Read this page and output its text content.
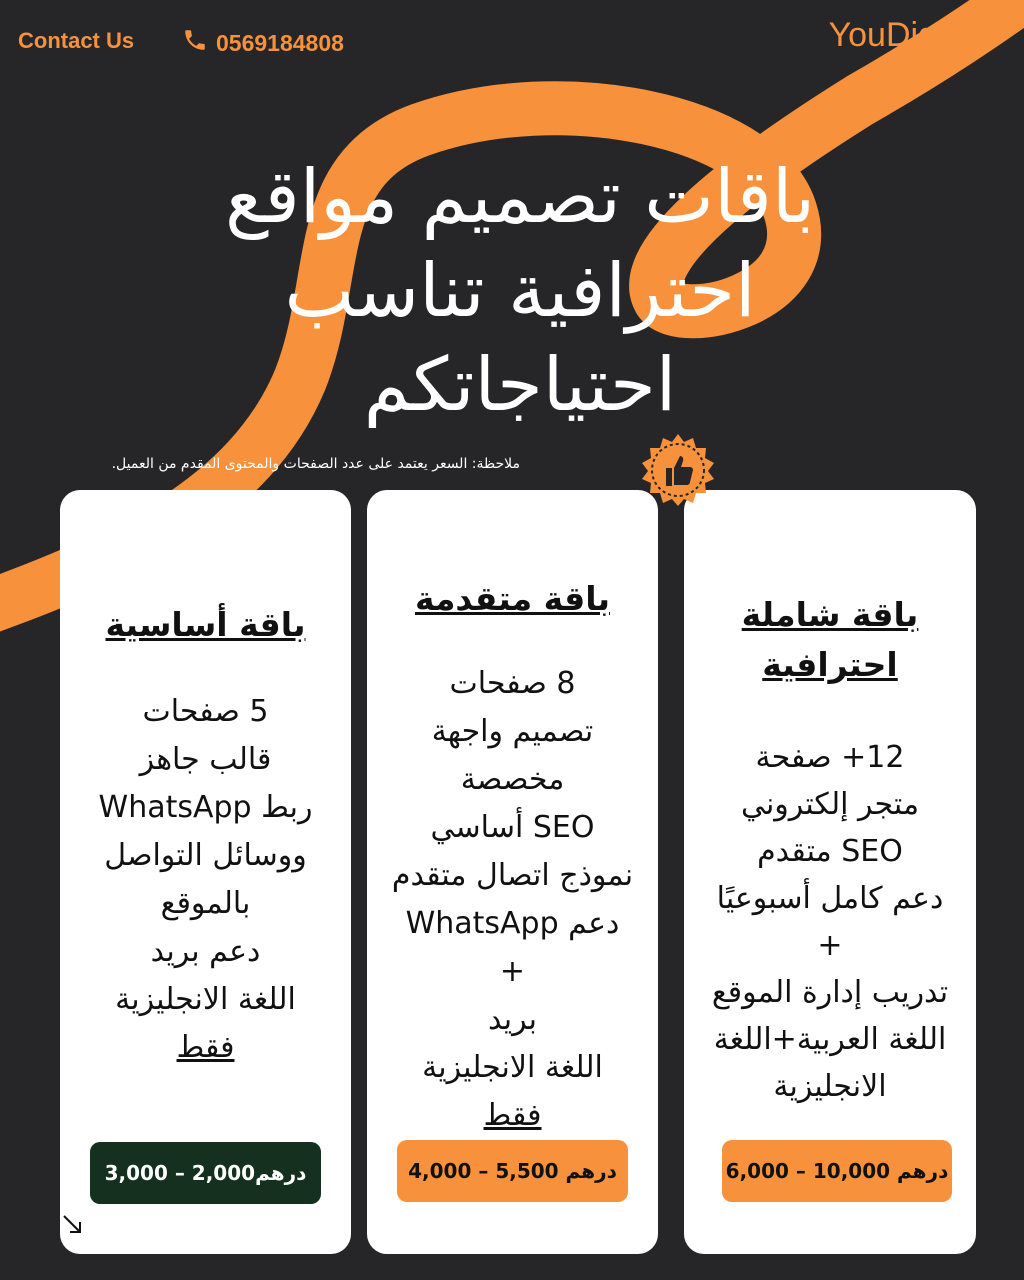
Contact Us	0569184808	YouDigit
باقات تصميم مواقع
احترافية تناسب
احتياجاتكم
ملاحظة: السعر يعتمد على عدد الصفحات والمحتوى المقدم من العميل.
باقة أساسية
5 صفحات
قالب جاهز
ربط WhatsApp
ووسائل التواصل
بالموقع
دعم بريد
اللغة الانجليزية
فقط
درهم2,000 – 3,000
باقة متقدمة
8 صفحات
تصميم واجهة
مخصصة
SEO أساسي
نموذج اتصال متقدم
دعم WhatsApp
+
بريد
اللغة الانجليزية
فقط
4,000 – 5,500 درهم
باقة شاملة
احترافية
12+ صفحة
متجر إلكتروني
SEO متقدم
دعم كامل أسبوعيًا
+
تدريب إدارة الموقع
اللغة العربية+اللغة
الانجليزية
6,000 – 10,000 درهم
